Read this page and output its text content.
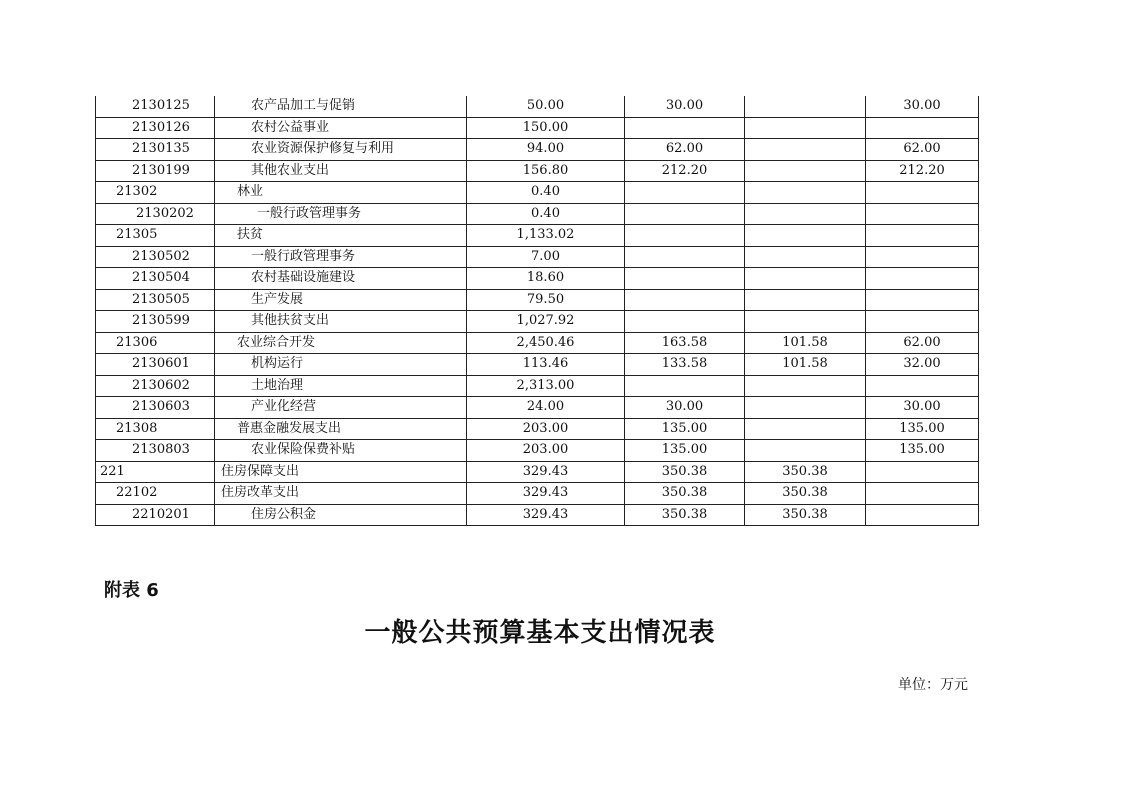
2130125	农产品加工与促销	50.00	30.00		30.00
2130126	农村公益事业	150.00			
2130135	农业资源保护修复与利用	94.00	62.00		62.00
2130199	其他农业支出	156.80	212.20		212.20
21302	林业	0.40			
2130202	一般行政管理事务	0.40			
21305	扶贫	1,133.02			
2130502	一般行政管理事务	7.00			
2130504	农村基础设施建设	18.60			
2130505	生产发展	79.50			
2130599	其他扶贫支出	1,027.92			
21306	农业综合开发	2,450.46	163.58	101.58	62.00
2130601	机构运行	113.46	133.58	101.58	32.00
2130602	土地治理	2,313.00			
2130603	产业化经营	24.00	30.00		30.00
21308	普惠金融发展支出	203.00	135.00		135.00
2130803	农业保险保费补贴	203.00	135.00		135.00
221	住房保障支出	329.43	350.38	350.38	
22102	住房改革支出	329.43	350.38	350.38	
2210201	住房公积金	329.43	350.38	350.38	

附表 6

一般公共预算基本支出情况表

单位：万元
